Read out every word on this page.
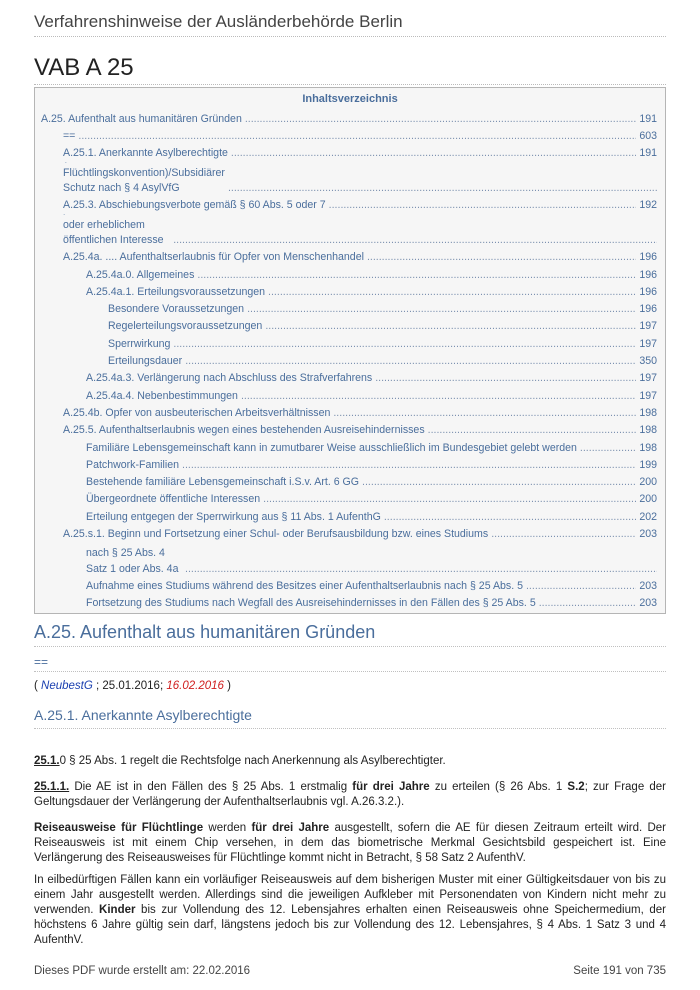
Verfahrenshinweise der Ausländerbehörde Berlin
VAB A 25
Inhaltsverzeichnis
A.25. Aufenthalt aus humanitären Gründen .....	191
== .....	603
A.25.1. Anerkannte Asylberechtigte .....	191
Flüchtlingskonvention)/Subsidiärer Schutz nach § 4 AsylVfG
.....
A.25.3. Abschiebungsverbote gemäß § 60 Abs. 5 oder 7 .....	192
oder erheblichem öffentlichen Interesse
.....
A.25.4a. .... Aufenthaltserlaubnis für Opfer von Menschenhandel .....	196
A.25.4a.0. Allgemeines .....	196
A.25.4a.1. Erteilungsvoraussetzungen .....	196
Besondere Voraussetzungen .....	196
Regelerteilungsvoraussetzungen .....	197
Sperrwirkung .....	197
Erteilungsdauer .....	350
A.25.4a.3. Verlängerung nach Abschluss des Strafverfahrens .....	197
A.25.4a.4. Nebenbestimmungen .....	197
A.25.4b. Opfer von ausbeuterischen Arbeitsverhältnissen .....	198
A.25.5. Aufenthaltserlaubnis wegen eines bestehenden Ausreisehindernisses .....	198
Familiäre Lebensgemeinschaft kann in zumutbarer Weise ausschließlich im Bundesgebiet gelebt werden .....	198
Patchwork-Familien .....	199
Bestehende familiäre Lebensgemeinschaft i.S.v. Art. 6 GG .....	200
Übergeordnete öffentliche Interessen .....	200
Erteilung entgegen der Sperrwirkung aus § 11 Abs. 1 AufenthG .....	202
A.25.s.1. Beginn und Fortsetzung einer Schul- oder Berufsausbildung bzw. eines Studiums .....	203
nach § 25 Abs. 4 Satz 1 oder Abs. 4a
.....
Aufnahme eines Studiums während des Besitzes einer Aufenthaltserlaubnis nach § 25 Abs. 5 .....	203
Fortsetzung des Studiums nach Wegfall des Ausreisehindernisses in den Fällen des § 25 Abs. 5 .....	203
A.25. Aufenthalt aus humanitären Gründen
==
( NeubestG ; 25.01.2016; 16.02.2016 )
A.25.1. Anerkannte Asylberechtigte
25.1.0 § 25 Abs. 1 regelt die Rechtsfolge nach Anerkennung als Asylberechtigter.
25.1.1. Die AE ist in den Fällen des § 25 Abs. 1 erstmalig für drei Jahre zu erteilen (§ 26 Abs. 1 S.2; zur Frage der Geltungsdauer der Verlängerung der Aufenthaltserlaubnis vgl. A.26.3.2.).
Reiseausweise für Flüchtlinge werden für drei Jahre ausgestellt, sofern die AE für diesen Zeitraum erteilt wird. Der Reiseausweis ist mit einem Chip versehen, in dem das biometrische Merkmal Gesichtsbild gespeichert ist. Eine Verlängerung des Reiseausweises für Flüchtlinge kommt nicht in Betracht, § 58 Satz 2 AufenthV.
In eilbedürftigen Fällen kann ein vorläufiger Reiseausweis auf dem bisherigen Muster mit einer Gültigkeitsdauer von bis zu einem Jahr ausgestellt werden. Allerdings sind die jeweiligen Aufkleber mit Personendaten von Kindern nicht mehr zu verwenden. Kinder bis zur Vollendung des 12. Lebensjahres erhalten einen Reiseausweis ohne Speichermedium, der höchstens 6 Jahre gültig sein darf, längstens jedoch bis zur Vollendung des 12. Lebensjahres, § 4 Abs. 1 Satz 3 und 4 AufenthV.
Dieses PDF wurde erstellt am: 22.02.2016	Seite 191 von 735
